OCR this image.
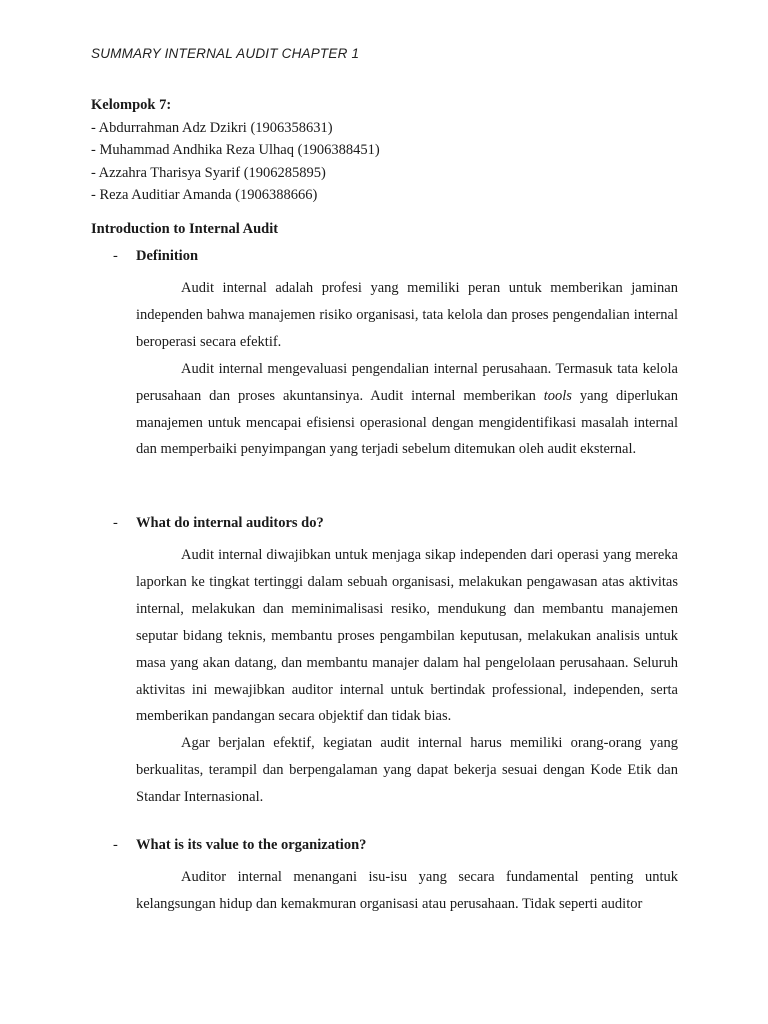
SUMMARY INTERNAL AUDIT CHAPTER 1
Kelompok 7:
- Abdurrahman Adz Dzikri (1906358631)
- Muhammad Andhika Reza Ulhaq (1906388451)
- Azzahra Tharisya Syarif (1906285895)
- Reza Auditiar Amanda (1906388666)
Introduction to Internal Audit
- Definition

Audit internal adalah profesi yang memiliki peran untuk memberikan jaminan independen bahwa manajemen risiko organisasi, tata kelola dan proses pengendalian internal beroperasi secara efektif.

Audit internal mengevaluasi pengendalian internal perusahaan. Termasuk tata kelola perusahaan dan proses akuntansinya. Audit internal memberikan tools yang diperlukan manajemen untuk mencapai efisiensi operasional dengan mengidentifikasi masalah internal dan memperbaiki penyimpangan yang terjadi sebelum ditemukan oleh audit eksternal.

- What do internal auditors do?

Audit internal diwajibkan untuk menjaga sikap independen dari operasi yang mereka laporkan ke tingkat tertinggi dalam sebuah organisasi, melakukan pengawasan atas aktivitas internal, melakukan dan meminimalisasi resiko, mendukung dan membantu manajemen seputar bidang teknis, membantu proses pengambilan keputusan, melakukan analisis untuk masa yang akan datang, dan membantu manajer dalam hal pengelolaan perusahaan. Seluruh aktivitas ini mewajibkan auditor internal untuk bertindak professional, independen, serta memberikan pandangan secara objektif dan tidak bias.

Agar berjalan efektif, kegiatan audit internal harus memiliki orang-orang yang berkualitas, terampil dan berpengalaman yang dapat bekerja sesuai dengan Kode Etik dan Standar Internasional.

- What is its value to the organization?

Auditor internal menangani isu-isu yang secara fundamental penting untuk kelangsungan hidup dan kemakmuran organisasi atau perusahaan. Tidak seperti auditor
